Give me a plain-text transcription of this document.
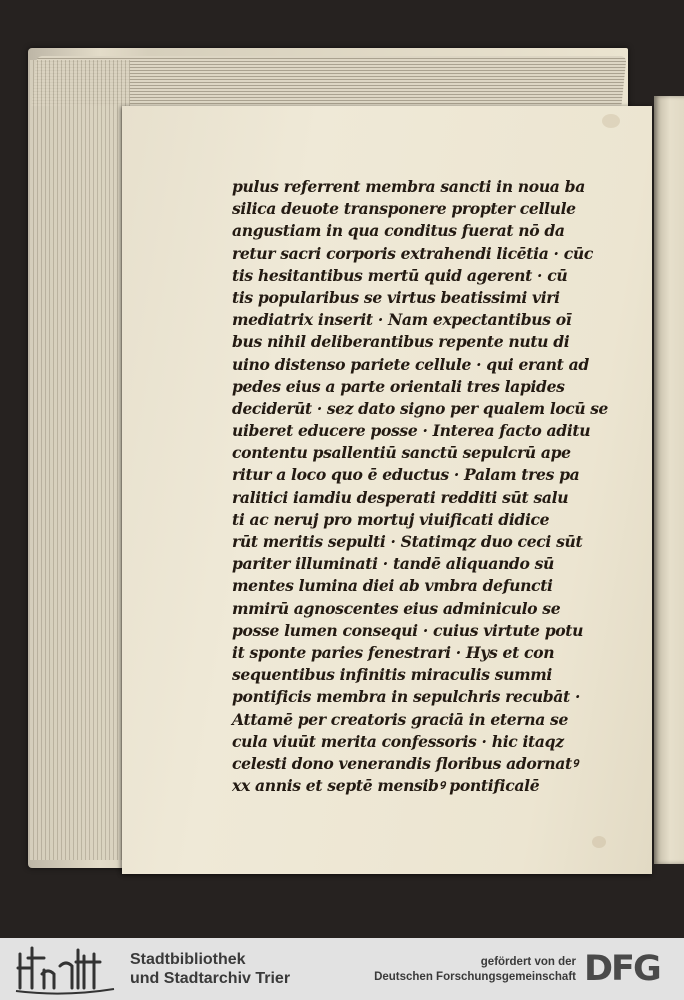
pulus referrent membra sancti in noua ba
silica deuote transponere propter cellule
angustiam in qua conditus fuerat nō da
retur sacri corporis extrahendi licētia · cūc
tis hesitantibus mertū quid agerent · cū
tis popularibus se virtus beatissimi viri
mediatrix inserit · Nam expectantibus oī
bus nihil deliberantibus repente nutu di
uino distenso pariete cellule · qui erant ad
pedes eius a parte orientali tres lapides
deciderūt · sez dato signo per qualem locū se
uiberet educere posse · Interea facto aditu
contentu psallentiū sanctū sepulcrū ape
ritur a loco quo ē eductus · Palam tres pa
ralitici iamdiu desperati redditi sūt salu
ti ac neruj pro mortuj viuificati didice
rūt meritis sepulti · Statimqz duo ceci sūt
pariter illuminati · tandē aliquando sū
mentes lumina diei ab vmbra defuncti
mmirū agnoscentes eius adminiculo se
posse lumen consequi · cuius virtute potu
it sponte paries fenestrari · Hys et con
sequentibus infinitis miraculis summi
pontificis membra in sepulchris recubāt ·
Attamē per creatoris graciā in eterna se
cula viuūt merita confessoris · hic itaqz
celesti dono venerandis floribus adornatꝰ
xx annis et septē mensibꝰ pontificalē
Stadtbibliothek
und Stadtarchiv Trier
gefördert von der
Deutschen Forschungsgemeinschaft DFG
